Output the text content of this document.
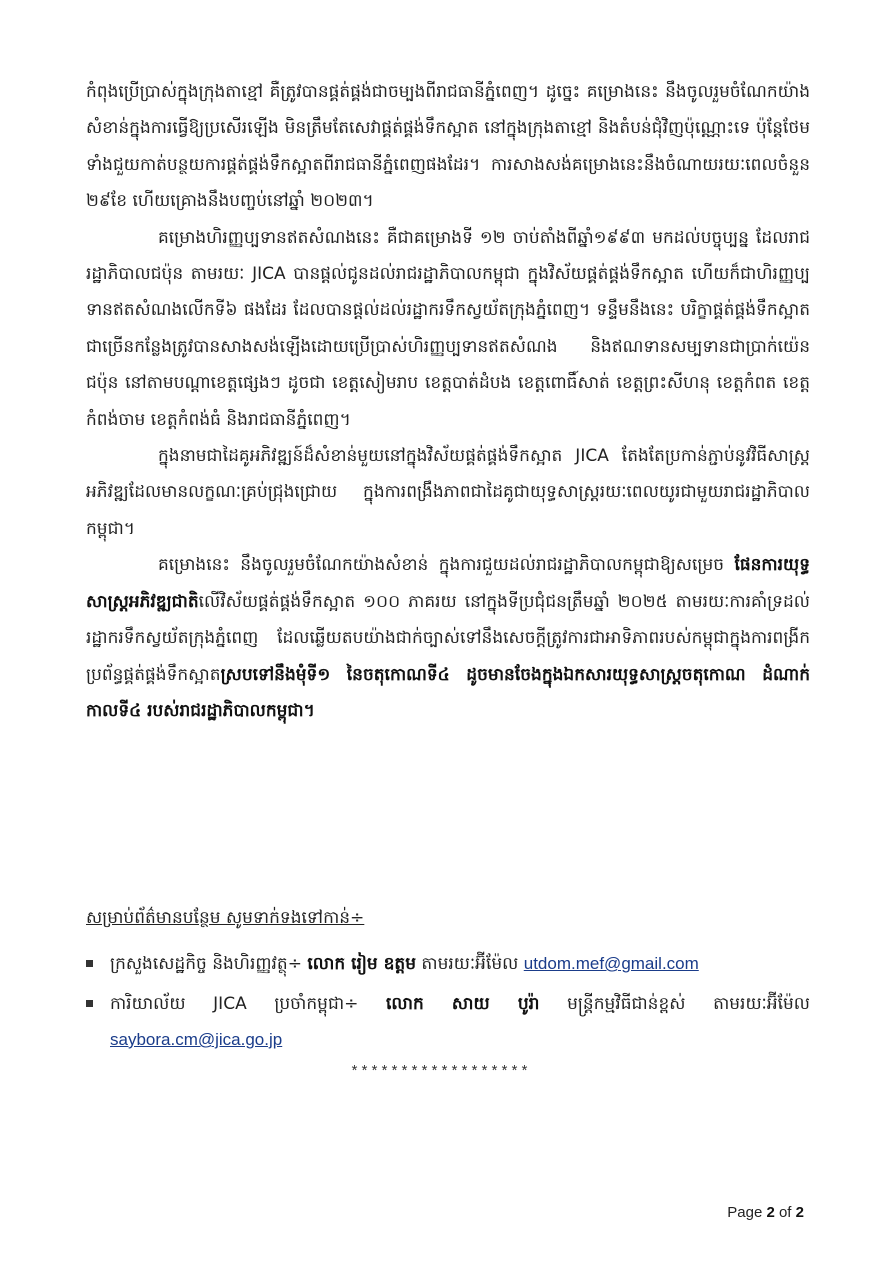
កំពុងប្រើប្រាស់ក្នុងក្រុងតាខ្មៅ គឺត្រូវបានផ្គត់ផ្គង់ជាចម្បងពីរាជធានីភ្នំពេញ។ ដូច្នេះ គម្រោងនេះ នឹងចូលរួមចំណែកយ៉ាងសំខាន់ក្នុងការធ្វើឱ្យប្រសើរឡើង មិនត្រឹមតែសេវាផ្គត់ផ្គង់ទឹកស្អាត នៅក្នុងក្រុងតាខ្មៅ និងតំបន់ជុំវិញប៉ុណ្ណោះទេ ប៉ុន្តែថែមទាំងជួយកាត់បន្ថយការផ្គត់ផ្គង់ទឹកស្អាតពីរាជធានីភ្នំពេញផងដែរ។ ការសាងសង់គម្រោងនេះនឹងចំណាយរយៈពេលចំនួន ២៩ខែ ហើយគ្រោងនឹងបញ្ចប់នៅឆ្នាំ ២០២៣។

គម្រោងហិរញ្ញប្បទានឥតសំណងនេះ គឺជាគម្រោងទី ១២ ចាប់តាំងពីឆ្នាំ១៩៩៣ មកដល់បច្ចុប្បន្ន ដែលរាជរដ្ឋាភិបាលជប៉ុន តាមរយៈ JICA បានផ្ដល់ជូនដល់រាជរដ្ឋាភិបាលកម្ពុជា ក្នុងវិស័យផ្គត់ផ្គង់ទឹកស្អាត ហើយក៏ជាហិរញ្ញប្បទានឥតសំណងលើកទី៦ ផងដែរ ដែលបានផ្ដល់ដល់រដ្ឋាករទឹកស្វយ័តក្រុងភ្នំពេញ។ ទន្ទឹមនឹងនេះ បរិក្ខាផ្គត់ផ្គង់ទឹកស្អាតជាច្រើនកន្លែងត្រូវបានសាងសង់ឡើងដោយប្រើប្រាស់ហិរញ្ញប្បទានឥតសំណង និងឥណទានសម្បទានជាប្រាក់យ៉េនជប៉ុន នៅតាមបណ្ដាខេត្តផ្សេងៗ ដូចជា ខេត្តសៀមរាប ខេត្តបាត់ដំបង ខេត្តពោធិ៍សាត់ ខេត្តព្រះសីហនុ ខេត្តកំពត ខេត្តកំពង់ចាម ខេត្តកំពង់ធំ និងរាជធានីភ្នំពេញ។

ក្នុងនាមជាដៃគូអភិវឌ្ឍន៍ដ៏សំខាន់មួយនៅក្នុងវិស័យផ្គត់ផ្គង់ទឹកស្អាត JICA តែងតែប្រកាន់ភ្ជាប់នូវវិធីសាស្ត្រអភិវឌ្ឍដែលមានលក្ខណៈគ្រប់ជ្រុងជ្រោយ ក្នុងការពង្រឹងភាពជាដៃគូជាយុទ្ធសាស្ត្ររយៈពេលយូរជាមួយរាជរដ្ឋាភិបាលកម្ពុជា។

គម្រោងនេះ នឹងចូលរួមចំណែកយ៉ាងសំខាន់ ក្នុងការជួយដល់រាជរដ្ឋាភិបាលកម្ពុជាឱ្យសម្រេច ផែនការយុទ្ធសាស្ត្រអភិវឌ្ឍជាតិលើវិស័យផ្គត់ផ្គង់ទឹកស្អាត ១០០ ភាគរយ នៅក្នុងទីប្រជុំជនត្រឹមឆ្នាំ ២០២៥ តាមរយៈការគាំទ្រដល់រដ្ឋាករទឹកស្វយ័តក្រុងភ្នំពេញ ដែលឆ្លើយតបយ៉ាងជាក់ច្បាស់ទៅនឹងសេចក្ដីត្រូវការជាអាទិភាពរបស់កម្ពុជាក្នុងការពង្រីកប្រព័ន្ធផ្គត់ផ្គង់ទឹកស្អាតស្របទៅនឹងមុំទី១ នៃចតុកោណទី៤ ដូចមានចែងក្នុងឯកសារយុទ្ធសាស្ត្រចតុកោណ ដំណាក់កាលទី៤ របស់រាជរដ្ឋាភិបាលកម្ពុជា។

សម្រាប់ព័ត៌មានបន្ថែម សូមទាក់ទងទៅកាន់÷

ក្រសួងសេដ្ឋកិច្ច និងហិរញ្ញវត្ថុ÷ លោក រៀម ឧត្តម តាមរយៈអ៊ីម៉ែល utdom.mef@gmail.com
ការិយាល័យ JICA ប្រចាំកម្ពុជា÷ លោក សាយ បូរ៉ា មន្ត្រីកម្មវិធីជាន់ខ្ពស់ តាមរយៈអ៊ីម៉ែល saybora.cm@jica.go.jp
******************
Page 2 of 2
